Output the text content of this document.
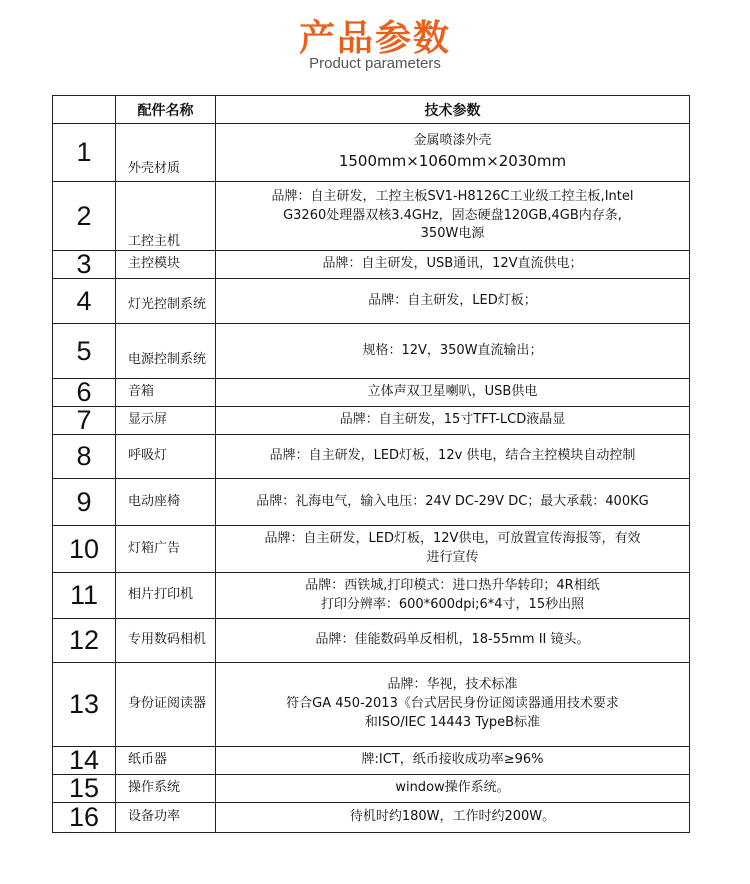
产品参数
Product parameters
	配件名称	技术参数
1	外壳材质	金属喷漆外壳
1500mm×1060mm×2030mm

2	工控主机	品牌：自主研发，工控主板SV1-H8126C工业级工控主板,Intel
G3260处理器双核3.4GHz，固态硬盘120GB,4GB内存条,
350W电源

3	主控模块	品牌：自主研发，USB通讯，12V直流供电；

4	灯光控制系统	品牌：自主研发，LED灯板；

5	电源控制系统	规格：12V，350W直流输出；

6	音箱	立体声双卫星喇叭，USB供电

7	显示屏	品牌：自主研发，15寸TFT-LCD液晶显

8	呼吸灯	品牌：自主研发，LED灯板，12v 供电，结合主控模块自动控制

9	电动座椅	品牌：礼海电气，输入电压：24V DC-29V DC；最大承载：400KG

10	灯箱广告	品牌：自主研发，LED灯板，12V供电，可放置宣传海报等，有效
进行宣传

11	相片打印机	品牌：西铁城,打印模式：进口热升华转印；4R相纸
打印分辨率：600*600dpi;6*4寸，15秒出照

12	专用数码相机	品牌：佳能数码单反相机，18-55mm II 镜头。

13	身份证阅读器	品牌：华视，技术标准
符合GA 450-2013《台式居民身份证阅读器通用技术要求
和ISO/IEC 14443 TypeB标准

14	纸币器	牌:ICT，纸币接收成功率≥96%

15	操作系统	window操作系统。

16	设备功率	待机时约180W，工作时约200W。
